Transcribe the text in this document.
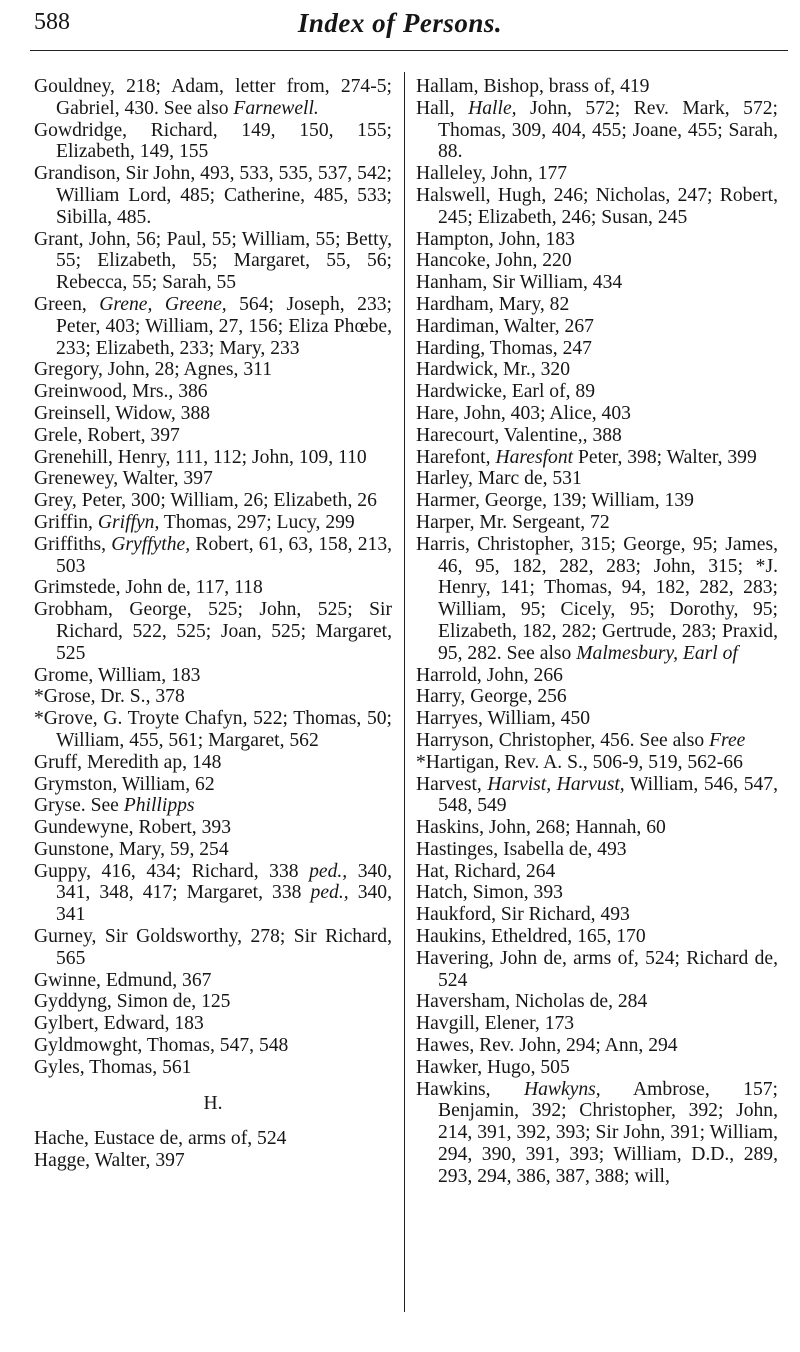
588	Index of Persons.

Gouldney, 218; Adam, letter from, 274-5; Gabriel, 430. See also Farnewell.

Gowdridge, Richard, 149, 150, 155; Elizabeth, 149, 155

Grandison, Sir John, 493, 533, 535, 537, 542; William Lord, 485; Catherine, 485, 533; Sibilla, 485.

Grant, John, 56; Paul, 55; William, 55; Betty, 55; Elizabeth, 55; Margaret, 55, 56; Rebecca, 55; Sarah, 55

Green, Grene, Greene, 564; Joseph, 233; Peter, 403; William, 27, 156; Eliza Phœbe, 233; Elizabeth, 233; Mary, 233

Gregory, John, 28; Agnes, 311

Greinwood, Mrs., 386

Greinsell, Widow, 388

Grele, Robert, 397

Grenehill, Henry, 111, 112; John, 109, 110

Grenewey, Walter, 397

Grey, Peter, 300; William, 26; Elizabeth, 26

Griffin, Griffyn, Thomas, 297; Lucy, 299

Griffiths, Gryffythe, Robert, 61, 63, 158, 213, 503

Grimstede, John de, 117, 118

Grobham, George, 525; John, 525; Sir Richard, 522, 525; Joan, 525; Margaret, 525

Grome, William, 183

*Grose, Dr. S., 378

*Grove, G. Troyte Chafyn, 522; Thomas, 50; William, 455, 561; Margaret, 562

Gruff, Meredith ap, 148

Grymston, William, 62

Gryse. See Phillipps

Gundewyne, Robert, 393

Gunstone, Mary, 59, 254

Guppy, 416, 434; Richard, 338 ped., 340, 341, 348, 417; Margaret, 338 ped., 340, 341

Gurney, Sir Goldsworthy, 278; Sir Richard, 565

Gwinne, Edmund, 367

Gyddyng, Simon de, 125

Gylbert, Edward, 183

Gyldmowght, Thomas, 547, 548

Gyles, Thomas, 561

H.

Hache, Eustace de, arms of, 524

Hagge, Walter, 397

Hallam, Bishop, brass of, 419

Hall, Halle, John, 572; Rev. Mark, 572; Thomas, 309, 404, 455; Joane, 455; Sarah, 88.

Halleley, John, 177

Halswell, Hugh, 246; Nicholas, 247; Robert, 245; Elizabeth, 246; Susan, 245

Hampton, John, 183

Hancoke, John, 220

Hanham, Sir William, 434

Hardham, Mary, 82

Hardiman, Walter, 267

Harding, Thomas, 247

Hardwick, Mr., 320

Hardwicke, Earl of, 89

Hare, John, 403; Alice, 403

Harecourt, Valentine,, 388

Harefont, Haresfont Peter, 398; Walter, 399

Harley, Marc de, 531

Harmer, George, 139; William, 139

Harper, Mr. Sergeant, 72

Harris, Christopher, 315; George, 95; James, 46, 95, 182, 282, 283; John, 315; *J. Henry, 141; Thomas, 94, 182, 282, 283; William, 95; Cicely, 95; Dorothy, 95; Elizabeth, 182, 282; Gertrude, 283; Praxid, 95, 282. See also Malmesbury, Earl of

Harrold, John, 266

Harry, George, 256

Harryes, William, 450

Harryson, Christopher, 456. See also Free

*Hartigan, Rev. A. S., 506-9, 519, 562-66

Harvest, Harvist, Harvust, William, 546, 547, 548, 549

Haskins, John, 268; Hannah, 60

Hastinges, Isabella de, 493

Hat, Richard, 264

Hatch, Simon, 393

Haukford, Sir Richard, 493

Haukins, Etheldred, 165, 170

Havering, John de, arms of, 524; Richard de, 524

Haversham, Nicholas de, 284

Havgill, Elener, 173

Hawes, Rev. John, 294; Ann, 294

Hawker, Hugo, 505

Hawkins, Hawkyns, Ambrose, 157; Benjamin, 392; Christopher, 392; John, 214, 391, 392, 393; Sir John, 391; William, 294, 390, 391, 393; William, D.D., 289, 293, 294, 386, 387, 388; will,
